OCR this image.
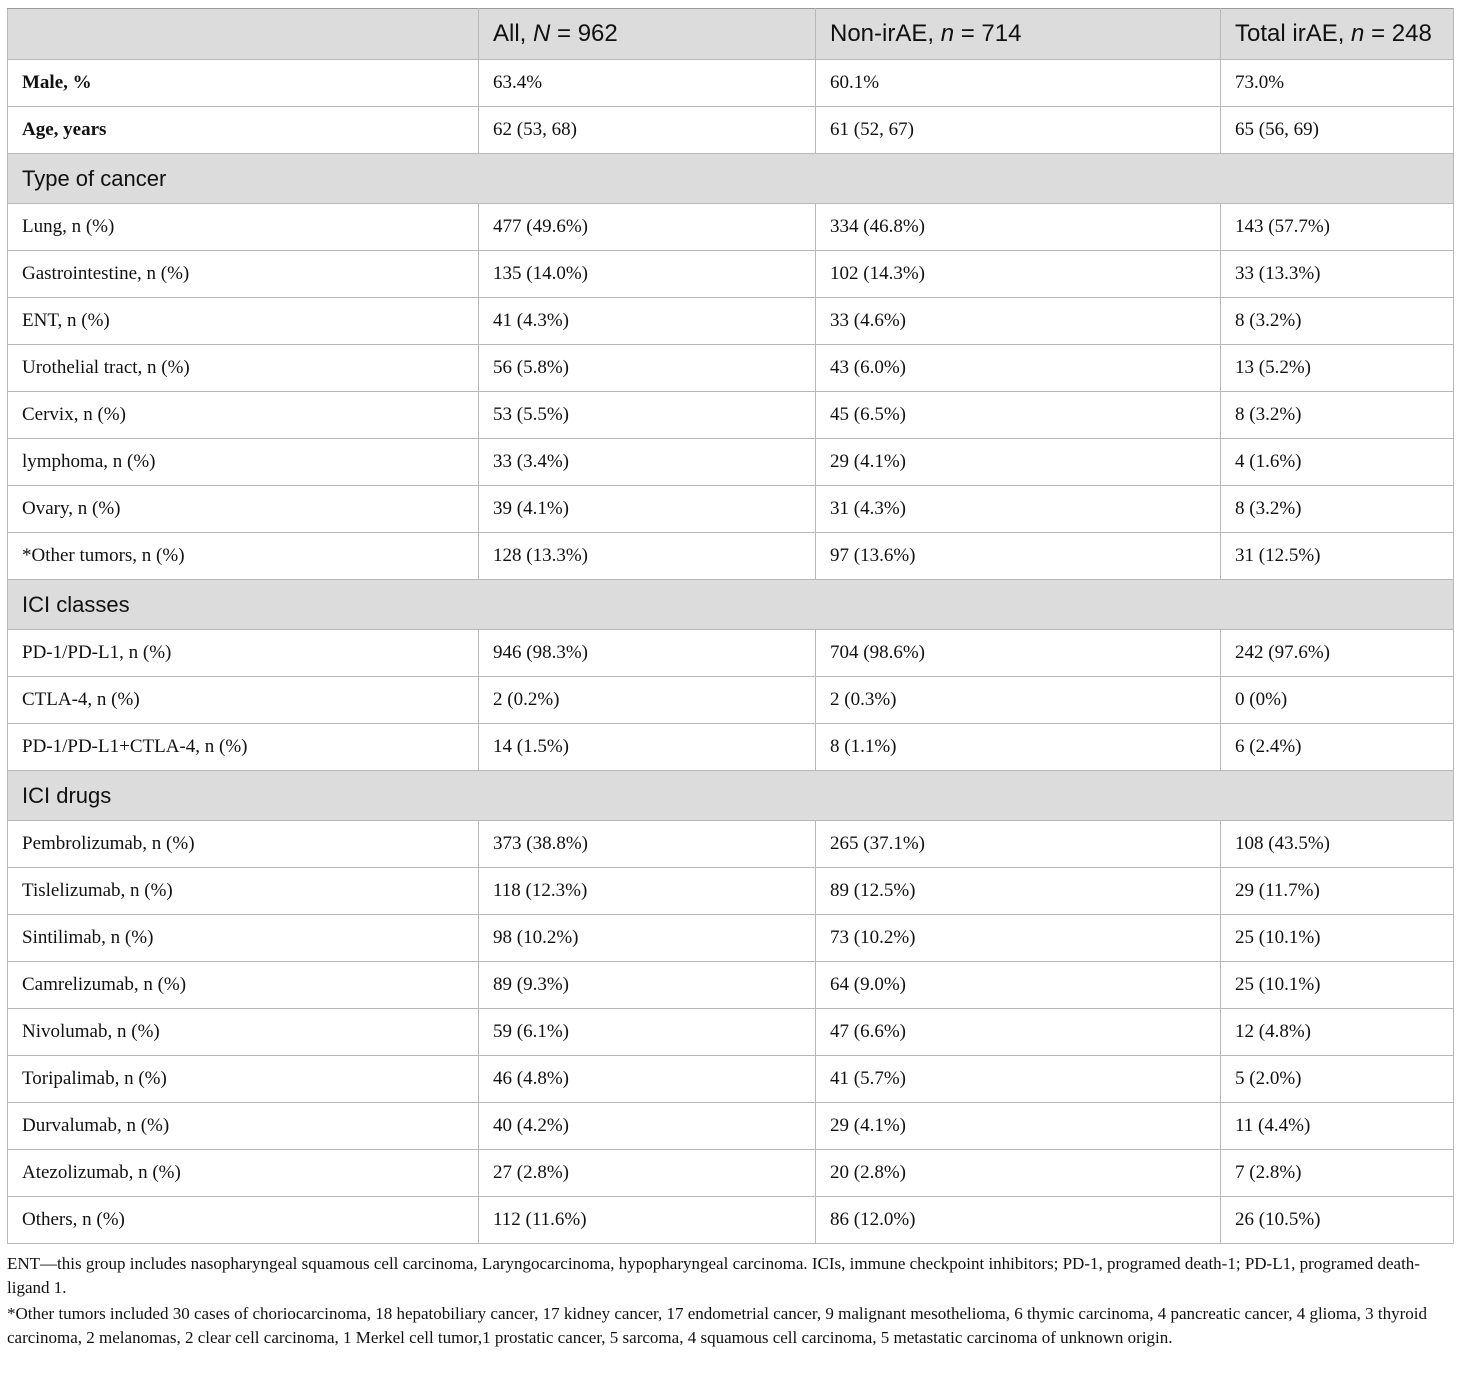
	All, N = 962	Non-irAE, n = 714	Total irAE, n = 248
Male, %	63.4%	60.1%	73.0%
Age, years	62 (53, 68)	61 (52, 67)	65 (56, 69)
Type of cancer			
Lung, n (%)	477 (49.6%)	334 (46.8%)	143 (57.7%)
Gastrointestine, n (%)	135 (14.0%)	102 (14.3%)	33 (13.3%)
ENT, n (%)	41 (4.3%)	33 (4.6%)	8 (3.2%)
Urothelial tract, n (%)	56 (5.8%)	43 (6.0%)	13 (5.2%)
Cervix, n (%)	53 (5.5%)	45 (6.5%)	8 (3.2%)
lymphoma, n (%)	33 (3.4%)	29 (4.1%)	4 (1.6%)
Ovary, n (%)	39 (4.1%)	31 (4.3%)	8 (3.2%)
*Other tumors, n (%)	128 (13.3%)	97 (13.6%)	31 (12.5%)
ICI classes			
PD-1/PD-L1, n (%)	946 (98.3%)	704 (98.6%)	242 (97.6%)
CTLA-4, n (%)	2 (0.2%)	2 (0.3%)	0 (0%)
PD-1/PD-L1+CTLA-4, n (%)	14 (1.5%)	8 (1.1%)	6 (2.4%)
ICI drugs			
Pembrolizumab, n (%)	373 (38.8%)	265 (37.1%)	108 (43.5%)
Tislelizumab, n (%)	118 (12.3%)	89 (12.5%)	29 (11.7%)
Sintilimab, n (%)	98 (10.2%)	73 (10.2%)	25 (10.1%)
Camrelizumab, n (%)	89 (9.3%)	64 (9.0%)	25 (10.1%)
Nivolumab, n (%)	59 (6.1%)	47 (6.6%)	12 (4.8%)
Toripalimab, n (%)	46 (4.8%)	41 (5.7%)	5 (2.0%)
Durvalumab, n (%)	40 (4.2%)	29 (4.1%)	11 (4.4%)
Atezolizumab, n (%)	27 (2.8%)	20 (2.8%)	7 (2.8%)
Others, n (%)	112 (11.6%)	86 (12.0%)	26 (10.5%)

ENT—this group includes nasopharyngeal squamous cell carcinoma, Laryngocarcinoma, hypopharyngeal carcinoma. ICIs, immune checkpoint inhibitors; PD-1, programed death-1; PD-L1, programed death-ligand 1.

*Other tumors included 30 cases of choriocarcinoma, 18 hepatobiliary cancer, 17 kidney cancer, 17 endometrial cancer, 9 malignant mesothelioma, 6 thymic carcinoma, 4 pancreatic cancer, 4 glioma, 3 thyroid carcinoma, 2 melanomas, 2 clear cell carcinoma, 1 Merkel cell tumor,1 prostatic cancer, 5 sarcoma, 4 squamous cell carcinoma, 5 metastatic carcinoma of unknown origin.
